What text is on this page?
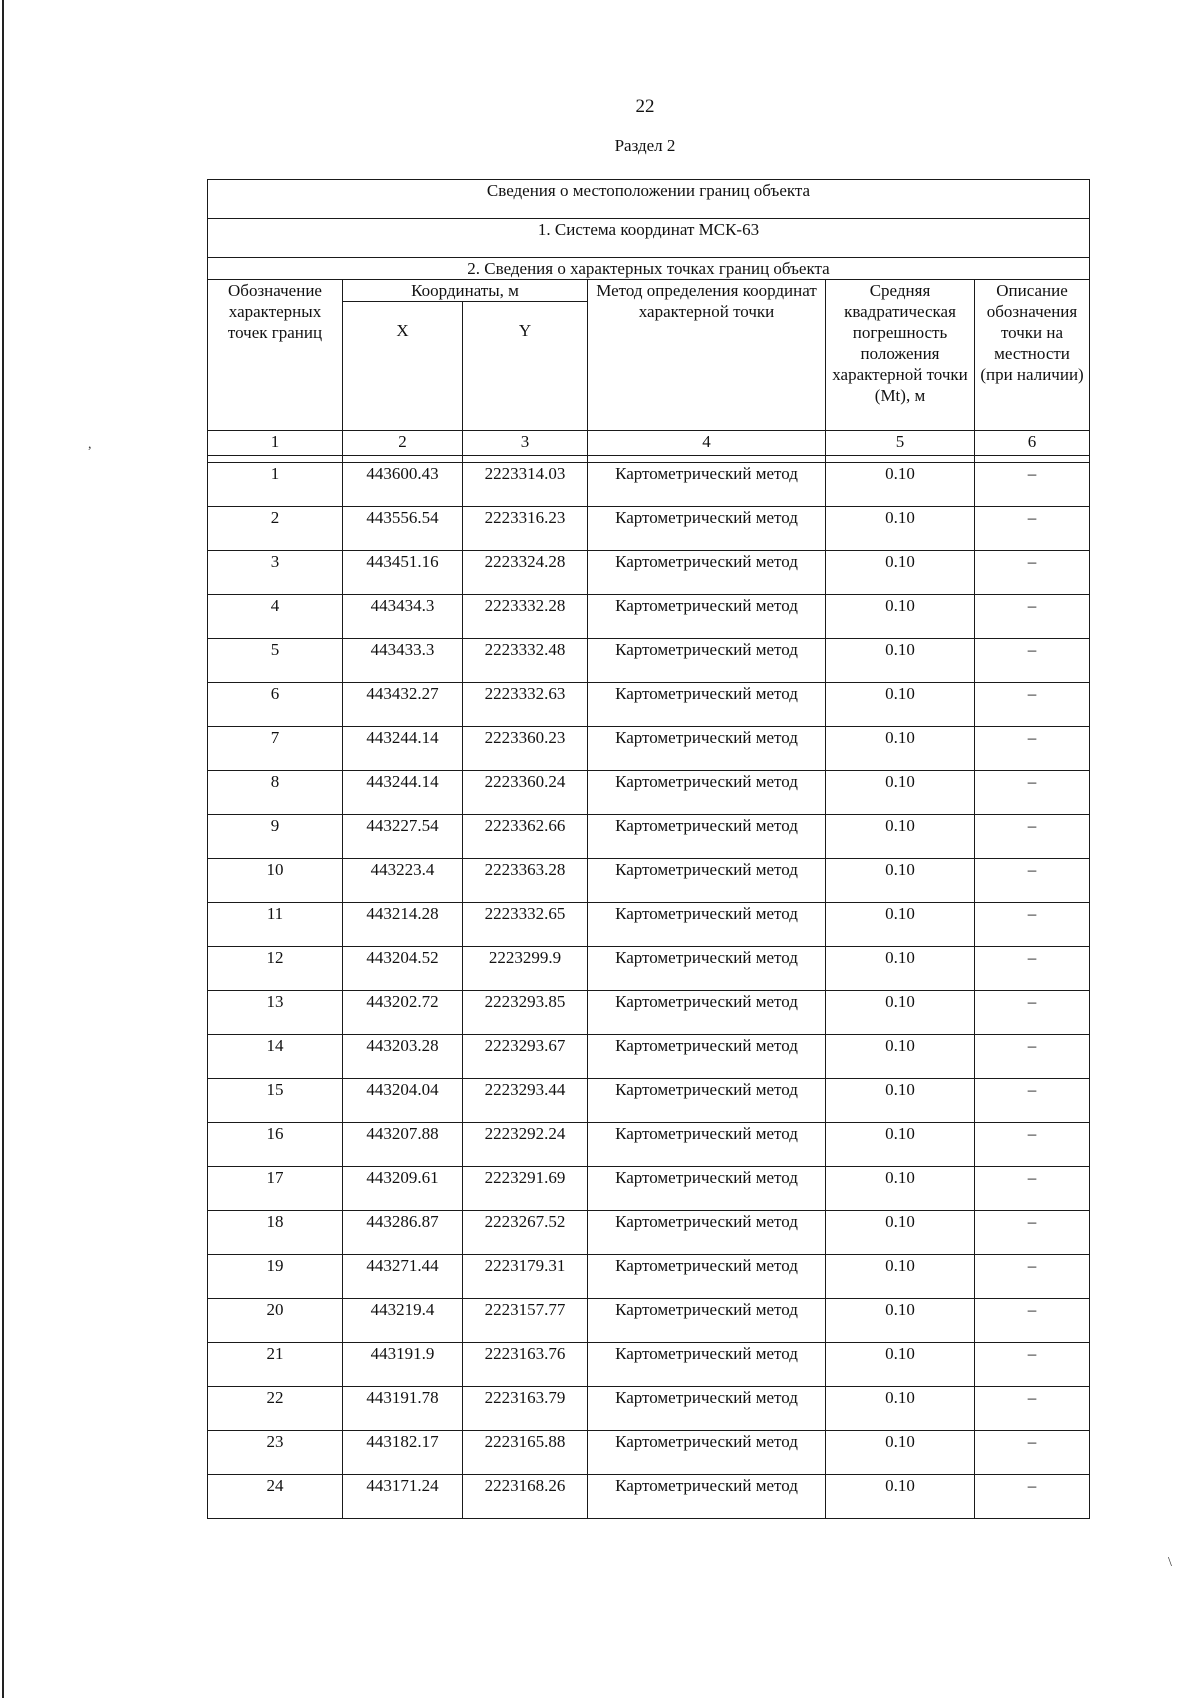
22
Раздел 2
,
\
Сведения о местоположении границ объекта					
1. Система координат МСК-63					
2. Сведения о характерных точках границ объекта					
Обозначение характерных точек границ	Координаты, м		Метод определения координат характерной точки	Средняя квадратическая погрешность положения характерной точки (Mt), м	Описание обозначения точки на местности (при наличии)
	X	Y			
1	2	3	4	5	6

1	443600.43	2223314.03	Картометрический метод	0.10	–
2	443556.54	2223316.23	Картометрический метод	0.10	–
3	443451.16	2223324.28	Картометрический метод	0.10	–
4	443434.3	2223332.28	Картометрический метод	0.10	–
5	443433.3	2223332.48	Картометрический метод	0.10	–
6	443432.27	2223332.63	Картометрический метод	0.10	–
7	443244.14	2223360.23	Картометрический метод	0.10	–
8	443244.14	2223360.24	Картометрический метод	0.10	–
9	443227.54	2223362.66	Картометрический метод	0.10	–
10	443223.4	2223363.28	Картометрический метод	0.10	–
11	443214.28	2223332.65	Картометрический метод	0.10	–
12	443204.52	2223299.9	Картометрический метод	0.10	–
13	443202.72	2223293.85	Картометрический метод	0.10	–
14	443203.28	2223293.67	Картометрический метод	0.10	–
15	443204.04	2223293.44	Картометрический метод	0.10	–
16	443207.88	2223292.24	Картометрический метод	0.10	–
17	443209.61	2223291.69	Картометрический метод	0.10	–
18	443286.87	2223267.52	Картометрический метод	0.10	–
19	443271.44	2223179.31	Картометрический метод	0.10	–
20	443219.4	2223157.77	Картометрический метод	0.10	–
21	443191.9	2223163.76	Картометрический метод	0.10	–
22	443191.78	2223163.79	Картометрический метод	0.10	–
23	443182.17	2223165.88	Картометрический метод	0.10	–
24	443171.24	2223168.26	Картометрический метод	0.10	–
